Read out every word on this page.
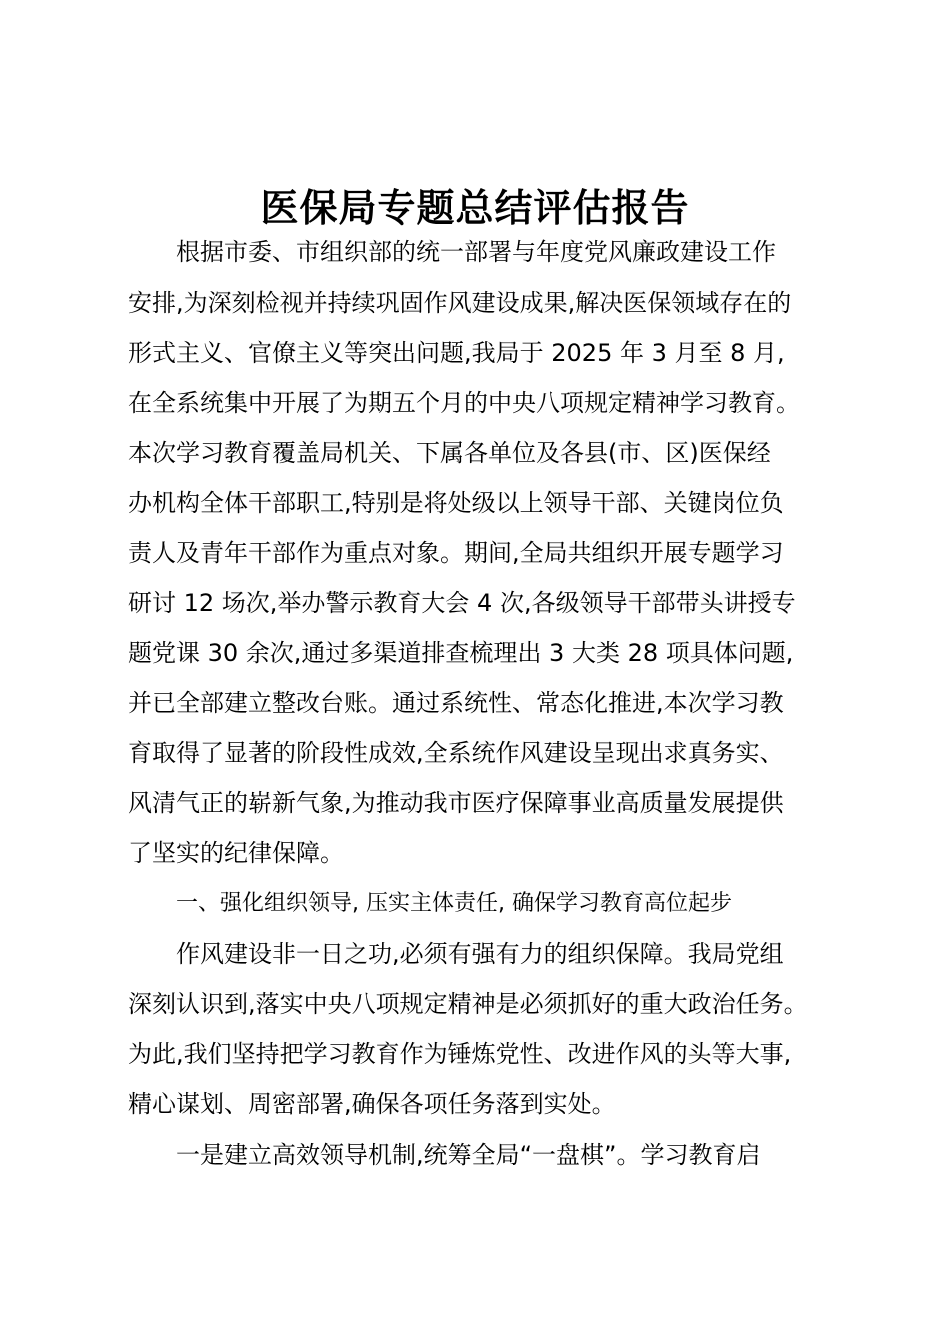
医保局专题总结评估报告

根据市委、市组织部的统一部署与年度党风廉政建设工作

安排,为深刻检视并持续巩固作风建设成果,解决医保领域存在的

形式主义、官僚主义等突出问题,我局于 2025 年 3 月至 8 月,

在全系统集中开展了为期五个月的中央八项规定精神学习教育。

本次学习教育覆盖局机关、下属各单位及各县(市、区)医保经

办机构全体干部职工,特别是将处级以上领导干部、关键岗位负

责人及青年干部作为重点对象。期间,全局共组织开展专题学习

研讨 12 场次,举办警示教育大会 4 次,各级领导干部带头讲授专

题党课 30 余次,通过多渠道排查梳理出 3 大类 28 项具体问题,

并已全部建立整改台账。通过系统性、常态化推进,本次学习教

育取得了显著的阶段性成效,全系统作风建设呈现出求真务实、

风清气正的崭新气象,为推动我市医疗保障事业高质量发展提供

了坚实的纪律保障。

一、强化组织领导, 压实主体责任, 确保学习教育高位起步

作风建设非一日之功,必须有强有力的组织保障。我局党组

深刻认识到,落实中央八项规定精神是必须抓好的重大政治任务。

为此,我们坚持把学习教育作为锤炼党性、改进作风的头等大事,

精心谋划、周密部署,确保各项任务落到实处。

一是建立高效领导机制,统筹全局“一盘棋”。学习教育启
